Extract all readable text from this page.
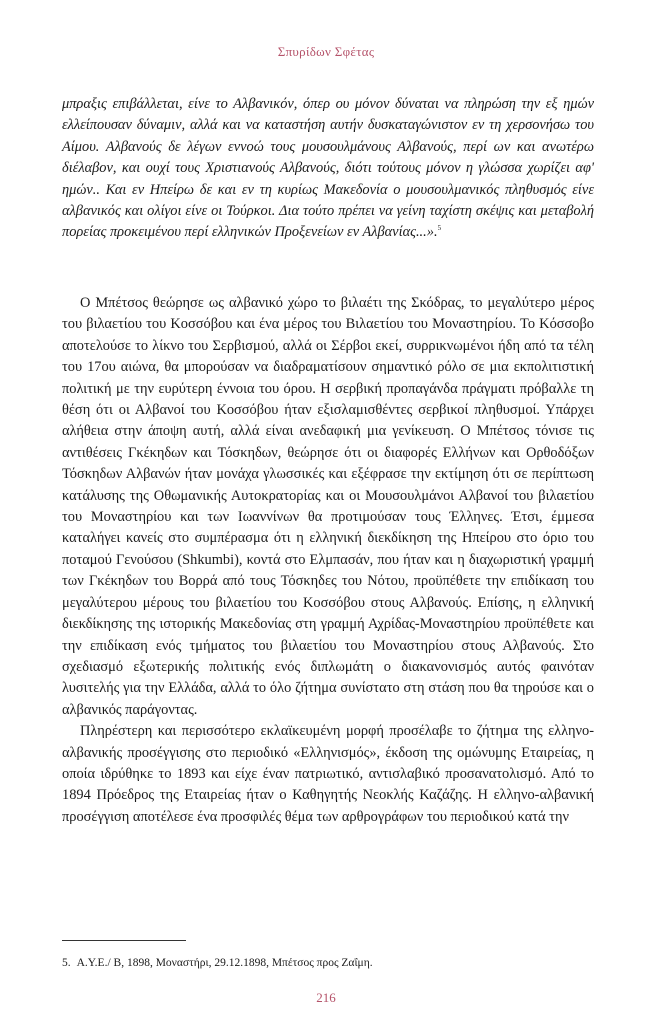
Σπυρίδων Σφέτας

μπραξις επιβάλλεται, είνε το Αλβανικόν, όπερ ου μόνον δύναται να πληρώση την εξ ημών ελλείπουσαν δύναμιν, αλλά και να καταστήση αυτήν δυσκαταγώνιστον εν τη χερσονήσω του Αίμου. Αλβανούς δε λέγων εννοώ τους μουσουλμάνους Αλβανούς, περί ων και ανωτέρω διέλαβον, και ουχί τους Χριστιανούς Αλβανούς, διότι τούτους μόνον η γλώσσα χωρίζει αφ' ημών.. Και εν Ηπείρω δε και εν τη κυρίως Μακεδονία ο μουσουλμανικός πληθυσμός είνε αλβανικός και ολίγοι είνε οι Τούρκοι. Δια τούτο πρέπει να γείνη ταχίστη σκέψις και μεταβολή πορείας προκειμένου περί ελληνικών Προξενείων εν Αλβανίας...».$^5$

Ο Μπέτσος θεώρησε ως αλβανικό χώρο το βιλαέτι της Σκόδρας, το μεγαλύτερο μέρος του βιλαετίου του Κοσσόβου και ένα μέρος του Βιλαετίου του Μοναστηρίου. Το Κόσσοβο αποτελούσε το λίκνο του Σερβισμού, αλλά οι Σέρβοι εκεί, συρρικνωμένοι ήδη από τα τέλη του 17ου αιώνα, θα μπορούσαν να διαδραματίσουν σημαντικό ρόλο σε μια εκπολιτιστική πολιτική με την ευρύτερη έννοια του όρου. Η σερβική προπαγάνδα πράγματι πρόβαλλε τη θέση ότι οι Αλβανοί του Κοσσόβου ήταν εξισλαμισθέντες σερβικοί πληθυσμοί. Υπάρχει αλήθεια στην άποψη αυτή, αλλά είναι ανεδαφική μια γενίκευση. Ο Μπέτσος τόνισε τις αντιθέσεις Γκέκηδων και Τόσκηδων, θεώρησε ότι οι διαφορές Ελλήνων και Ορθοδόξων Τόσκηδων Αλβανών ήταν μονάχα γλωσσικές και εξέφρασε την εκτίμηση ότι σε περίπτωση κατάλυσης της Οθωμανικής Αυτοκρατορίας και οι Μουσουλμάνοι Αλβανοί του βιλαετίου του Μοναστηρίου και των Ιωαννίνων θα προτιμούσαν τους Έλληνες. Έτσι, έμμεσα καταλήγει κανείς στο συμπέρασμα ότι η ελληνική διεκδίκηση της Ηπείρου στο όριο του ποταμού Γενούσου (Shkumbi), κοντά στο Ελμπασάν, που ήταν και η διαχωριστική γραμμή των Γκέκηδων του Βορρά από τους Τόσκηδες του Νότου, προϋπέθετε την επιδίκαση του μεγαλύτερου μέρους του βιλαετίου του Κοσσόβου στους Αλβανούς. Επίσης, η ελληνική διεκδίκησης της ιστορικής Μακεδονίας στη γραμμή Αχρίδας-Μοναστηρίου προϋπέθετε και την επιδίκαση ενός τμήματος του βιλαετίου του Μοναστηρίου στους Αλβανούς. Στο σχεδιασμό εξωτερικής πολιτικής ενός διπλωμάτη ο διακανονισμός αυτός φαινόταν λυσιτελής για την Ελλάδα, αλλά το όλο ζήτημα συνίστατο στη στάση που θα τηρούσε και ο αλβανικός παράγοντας.

Πληρέστερη και περισσότερο εκλαϊκευμένη μορφή προσέλαβε το ζήτημα της ελληνο-αλβανικής προσέγγισης στο περιοδικό «Ελληνισμός», έκδοση της ομώνυμης Εταιρείας, η οποία ιδρύθηκε το 1893 και είχε έναν πατριωτικό, αντισλαβικό προσανατολισμό. Από το 1894 Πρόεδρος της Εταιρείας ήταν ο Καθηγητής Νεοκλής Καζάζης. Η ελληνο-αλβανική προσέγγιση αποτέλεσε ένα προσφιλές θέμα των αρθρογράφων του περιοδικού κατά την

5. Α.Υ.Ε./ Β, 1898, Μοναστήρι, 29.12.1898, Μπέτσος προς Ζαΐμη.
216
